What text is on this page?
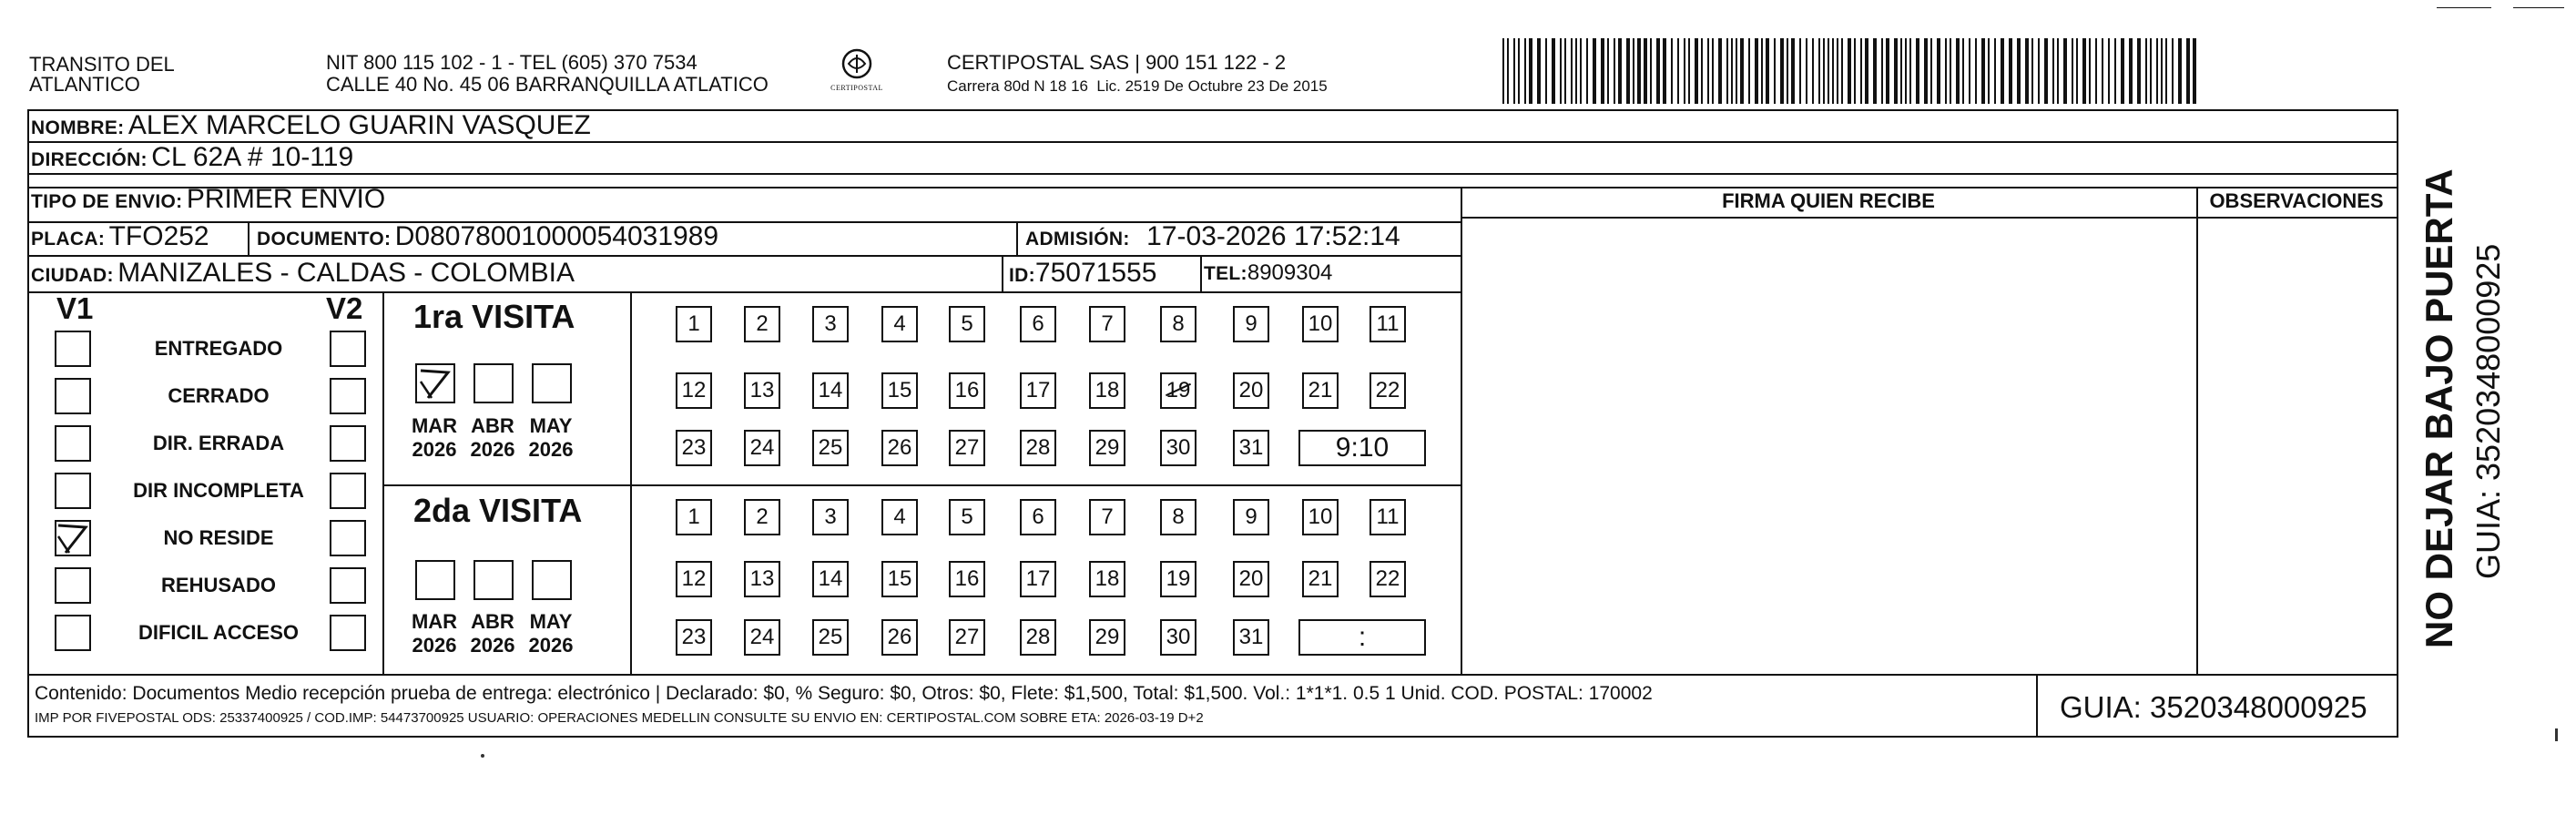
TRANSITO DEL
ATLANTICO
NIT 800 115 102 - 1 - TEL (605) 370 7534
CALLE 40 No. 45 06 BARRANQUILLA ATLATICO	CERTIPOSTAL
CERTIPOSTAL SAS | 900 151 122 - 2
Carrera 80d N 18 16  Lic. 2519 De Octubre 23 De 2015
NOMBRE: ALEX MARCELO GUARIN VASQUEZ
DIRECCIÓN: CL 62A # 10-119
TIPO DE ENVIO: PRIMER ENVIO
PLACA: TFO252 DOCUMENTO: D08078001000054031989	ADMISIÓN: 17-03-2026 17:52:14
CIUDAD: MANIZALES - CALDAS - COLOMBIA	ID:75071555 TEL:8909304
FIRMA QUIEN RECIBE	OBSERVACIONES
V1	V2
ENTREGADO
CERRADO
DIR. ERRADA
DIR INCOMPLETA
NO RESIDE
REHUSADO
DIFICIL ACCESO
1ra VISITA
MAR
2026
ABR
2026
MAY
2026
1	2	3	4	5	6	7	8	9	10	11
12 13 14 15 16 17 18 19 20 21 22
23 24 25 26 27 28 29 30 31	9:10
2da VISITA
MAR
2026
ABR
2026
MAY
2026
1	2	3	4	5	6	7	8	9	10	11
12 13 14 15 16 17 18 19 20 21 22
23 24 25 26 27 28 29 30 31	:
Contenido: Documentos Medio recepción prueba de entrega: electrónico | Declarado: $0, % Seguro: $0, Otros: $0, Flete: $1,500, Total: $1,500. Vol.: 1*1*1. 0.5 1 Unid. COD. POSTAL: 170002
IMP POR FIVEPOSTAL ODS: 25337400925 / COD.IMP: 54473700925 USUARIO: OPERACIONES MEDELLIN CONSULTE SU ENVIO EN: CERTIPOSTAL.COM SOBRE ETA: 2026-03-19 D+2	GUIA: 3520348000925
NO DEJAR BAJO PUERTA GUIA: 3520348000925
